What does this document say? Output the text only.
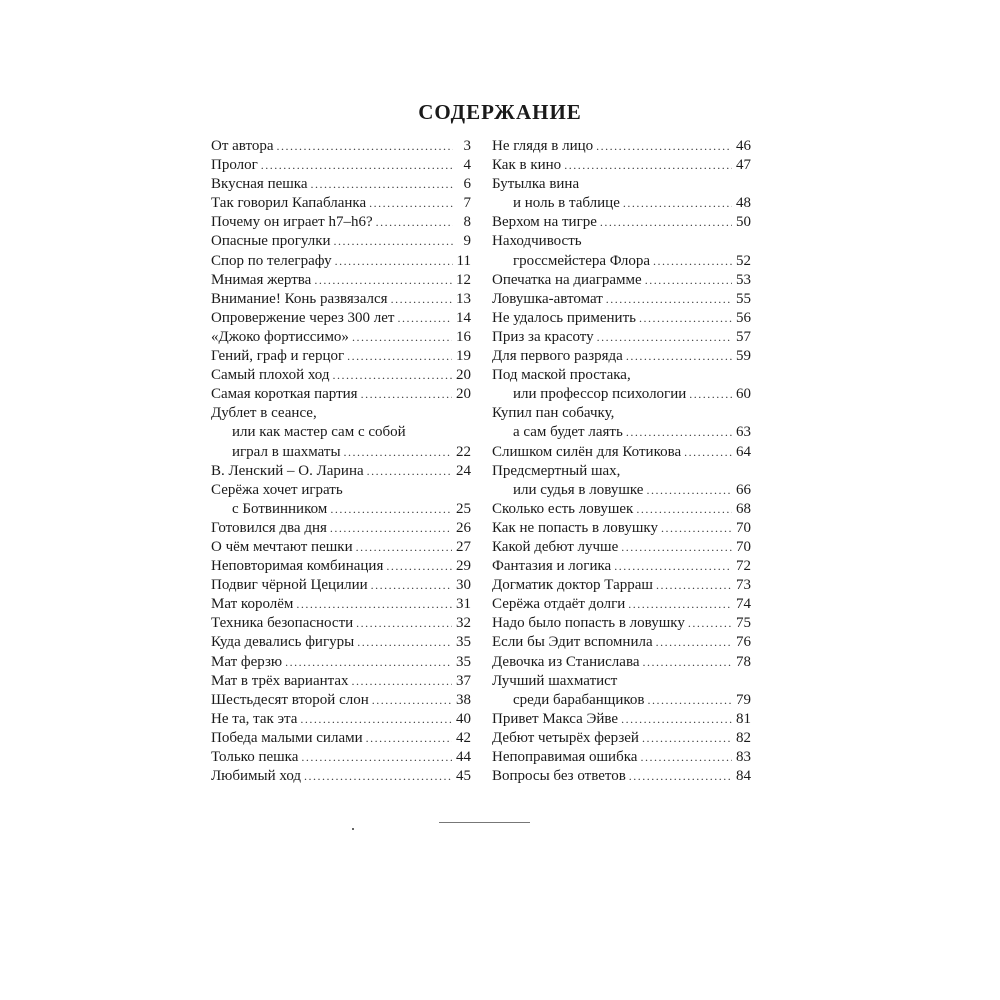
СОДЕРЖАНИЕ
От автора .....	3
Пролог .....	4
Вкусная пешка .....	6
Так говорил Капабланка .....	7
Почему он играет h7–h6? .....	8
Опасные прогулки .....	9
Спор по телеграфу .....	11
Мнимая жертва .....	12
Внимание! Конь развязался .....	13
Опровержение через 300 лет .....	14
«Джоко фортиссимо» .....	16
Гений, граф и герцог .....	19
Самый плохой ход .....	20
Самая короткая партия .....	20
Дублет в сеансе,
или как мастер сам с собой
играл в шахматы .....	22
В. Ленский – О. Ларина .....	24
Серёжа хочет играть
с Ботвинником .....	25
Готовился два дня .....	26
О чём мечтают пешки .....	27
Неповторимая комбинация .....	29
Подвиг чёрной Цецилии .....	30
Мат королём .....	31
Техника безопасности .....	32
Куда девались фигуры .....	35
Мат ферзю .....	35
Мат в трёх вариантах .....	37
Шестьдесят второй слон .....	38
Не та, так эта .....	40
Победа малыми силами .....	42
Только пешка .....	44
Любимый ход .....	45
Не глядя в лицо .....	46
Как в кино .....	47
Бутылка вина
и ноль в таблице .....	48
Верхом на тигре .....	50
Находчивость
гроссмейстера Флора .....	52
Опечатка на диаграмме .....	53
Ловушка-автомат .....	55
Не удалось применить .....	56
Приз за красоту .....	57
Для первого разряда .....	59
Под маской простака,
или профессор психологии .....	60
Купил пан собачку,
а сам будет лаять .....	63
Слишком силён для Котикова .....	64
Предсмертный шах,
или судья в ловушке .....	66
Сколько есть ловушек .....	68
Как не попасть в ловушку .....	70
Какой дебют лучше .....	70
Фантазия и логика .....	72
Догматик доктор Тарраш .....	73
Серёжа отдаёт долги .....	74
Надо было попасть в ловушку .....	75
Если бы Эдит вспомнила .....	76
Девочка из Станислава .....	78
Лучший шахматист
среди барабанщиков .....	79
Привет Макса Эйве .....	81
Дебют четырёх ферзей .....	82
Непоправимая ошибка .....	83
Вопросы без ответов .....	84
